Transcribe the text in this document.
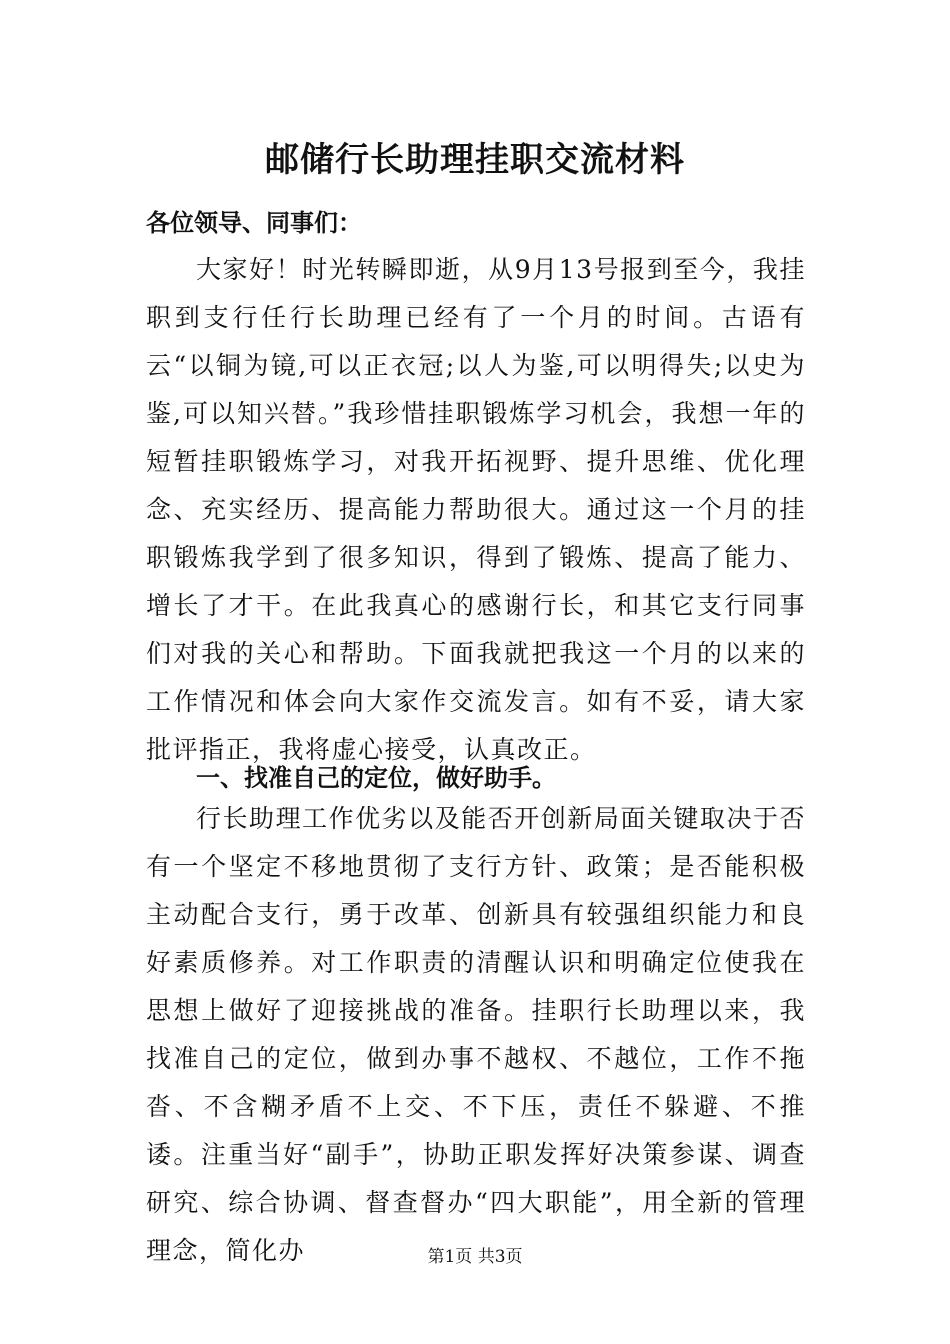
邮储行长助理挂职交流材料
各位领导、同事们：
大家好！时光转瞬即逝，从9月13号报到至今，我挂职到支行任行长助理已经有了一个月的时间。古语有云“以铜为镜,可以正衣冠;以人为鉴,可以明得失;以史为鉴,可以知兴替。”我珍惜挂职锻炼学习机会，我想一年的短暂挂职锻炼学习，对我开拓视野、提升思维、优化理念、充实经历、提高能力帮助很大。通过这一个月的挂职锻炼我学到了很多知识，得到了锻炼、提高了能力、增长了才干。在此我真心的感谢行长，和其它支行同事们对我的关心和帮助。下面我就把我这一个月的以来的工作情况和体会向大家作交流发言。如有不妥，请大家批评指正，我将虚心接受，认真改正。
一、找准自己的定位，做好助手。
行长助理工作优劣以及能否开创新局面关键取决于否有一个坚定不移地贯彻了支行方针、政策；是否能积极主动配合支行，勇于改革、创新具有较强组织能力和良好素质修养。对工作职责的清醒认识和明确定位使我在思想上做好了迎接挑战的准备。挂职行长助理以来，我找准自己的定位，做到办事不越权、不越位，工作不拖沓、不含糊矛盾不上交、不下压，责任不躲避、不推诿。注重当好“副手”，协助正职发挥好决策参谋、调查研究、综合协调、督查督办“四大职能”，用全新的管理理念，简化办	第1页 共3页
